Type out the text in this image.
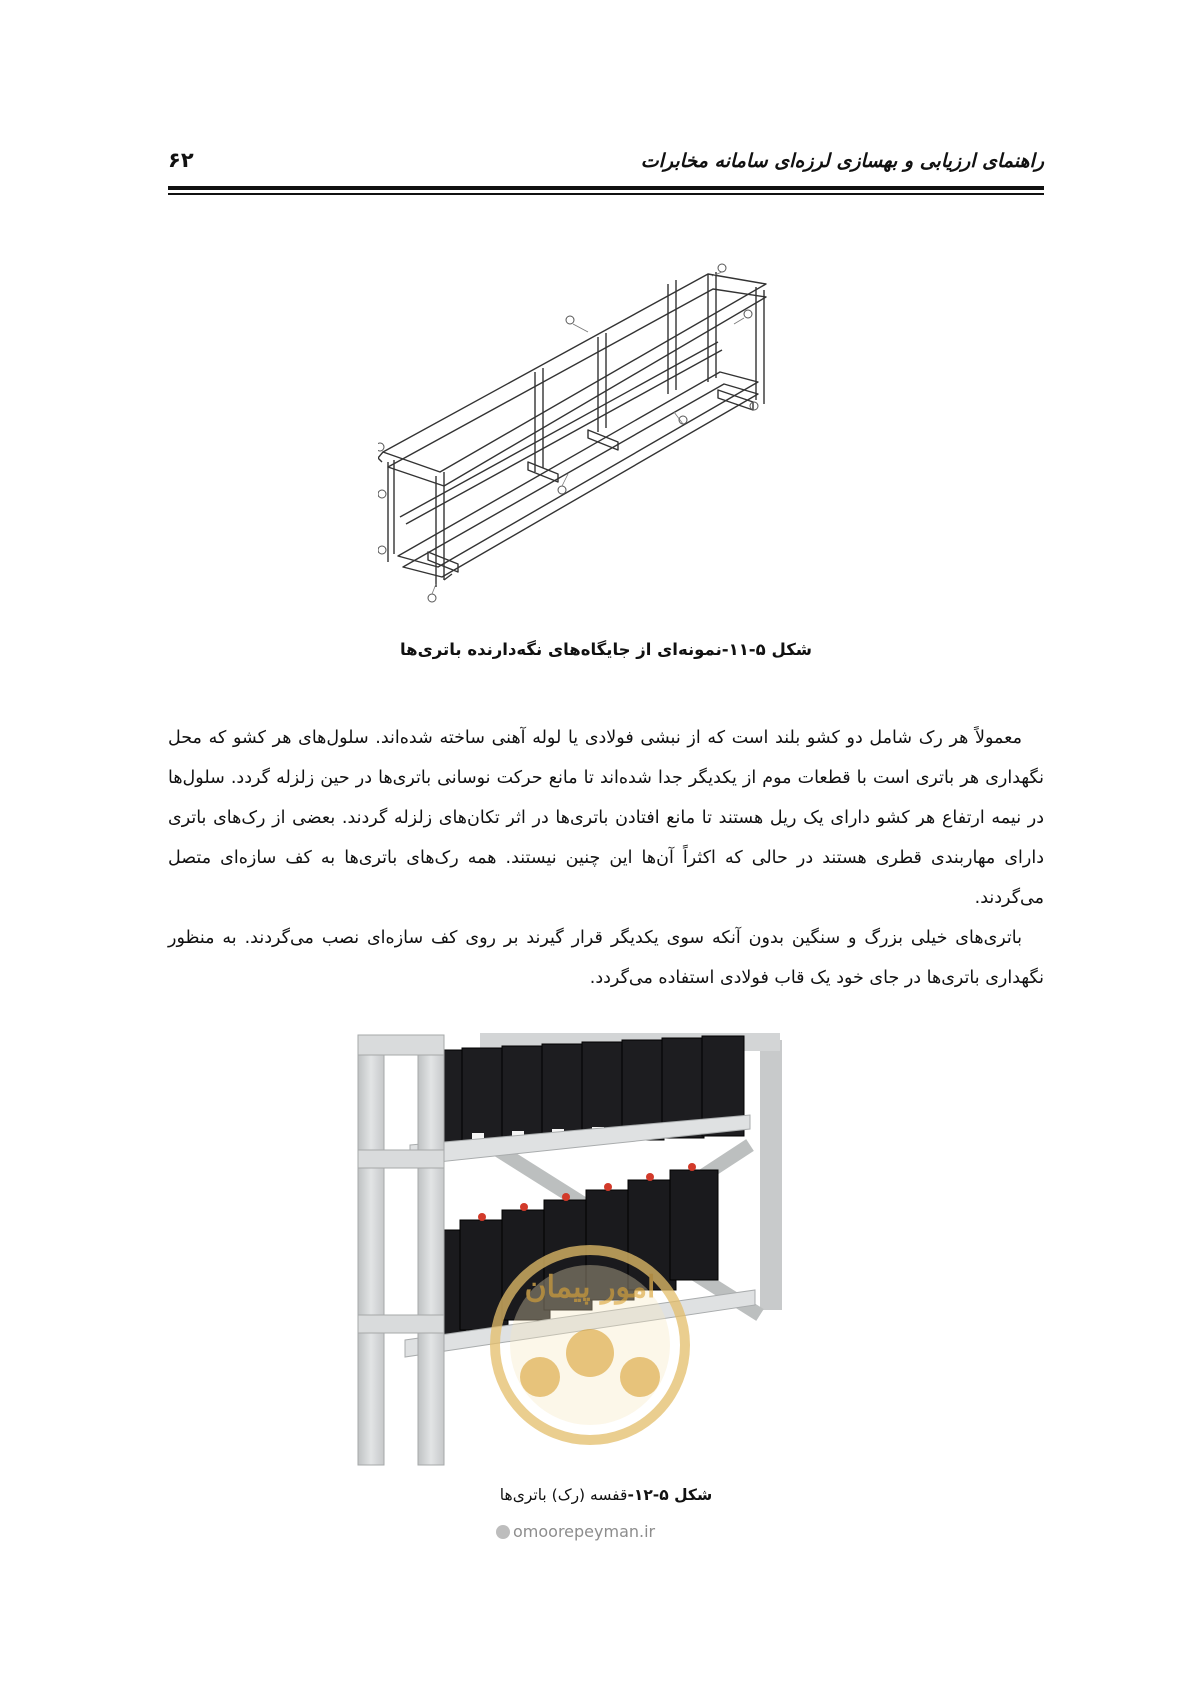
راهنمای ارزیابی و بهسازی لرزه‌ای سامانه مخابرات
۶۲
شکل ۵-۱۱-نمونه‌ای از جایگاه‌های نگه‌دارنده باتری‌ها

معمولاً هر رک شامل دو کشو بلند است که از نبشی فولادی یا لوله آهنی ساخته شده‌اند. سلول‌های هر کشو که محل نگهداری هر باتری است با قطعات موم از یکدیگر جدا شده‌اند تا مانع حرکت نوسانی باتری‌ها در حین زلزله گردد. سلول‌ها در نیمه ارتفاع هر کشو دارای یک ریل هستند تا مانع افتادن باتری‌ها در اثر تکان‌های زلزله گردند. بعضی از رک‌های باتری دارای مهاربندی قطری هستند در حالی که اکثراً آن‌ها این چنین نیستند. همه رک‌های باتری‌ها به کف سازه‌ای متصل می‌گردند.

باتری‌های خیلی بزرگ و سنگین بدون آنکه سوی یکدیگر قرار گیرند بر روی کف سازه‌ای نصب می‌گردند. به منظور نگهداری باتری‌ها در جای خود یک قاب فولادی استفاده می‌گردد.

امور پیمان
شکل ۵-۱۲-قفسه (رک) باتری‌ها
omoorepeyman.ir
